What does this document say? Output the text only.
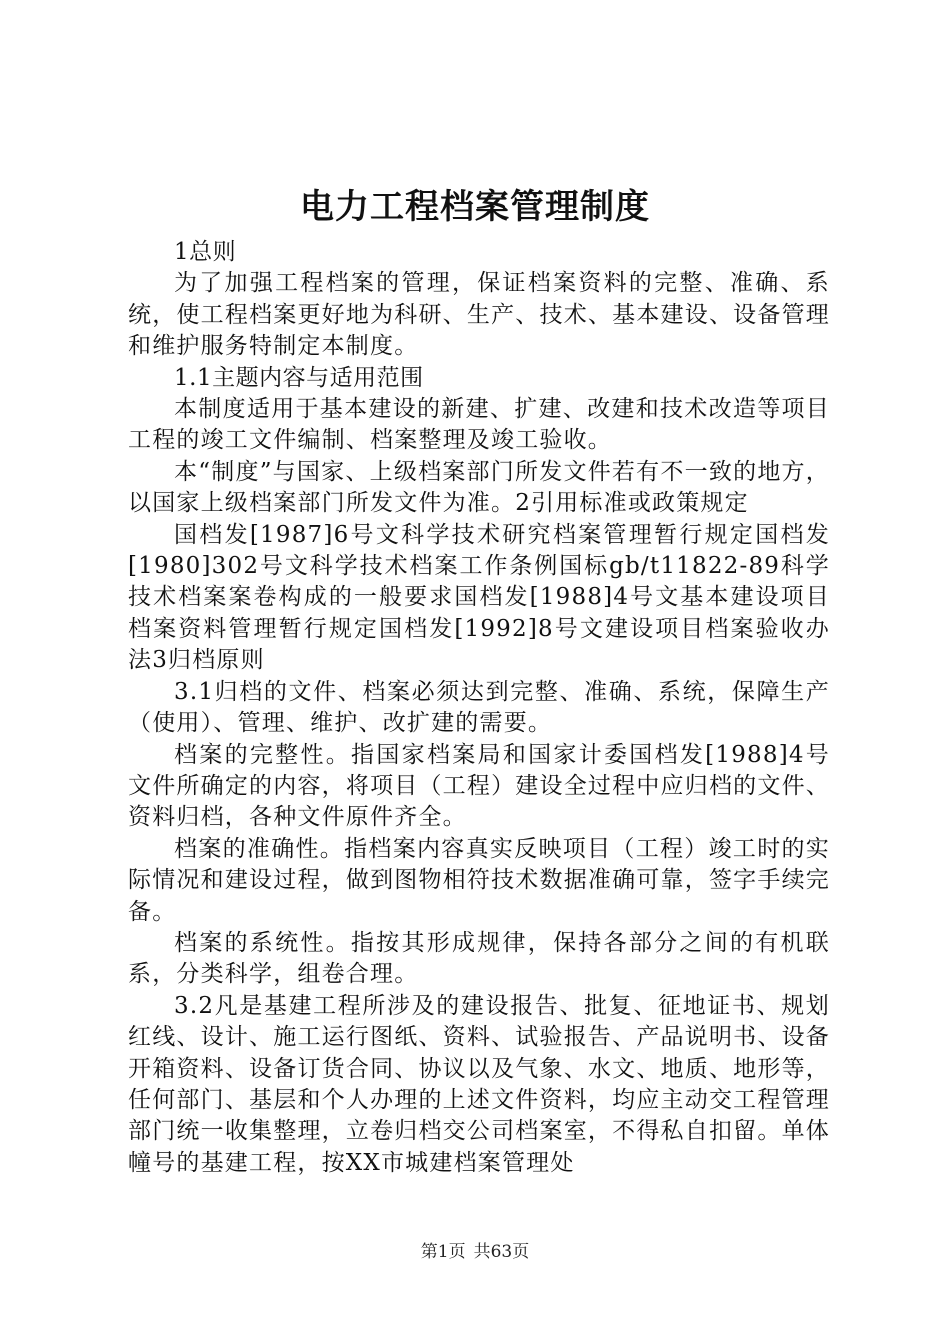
电力工程档案管理制度

1总则

为了加强工程档案的管理，保证档案资料的完整、准确、系统，使工程档案更好地为科研、生产、技术、基本建设、设备管理和维护服务特制定本制度。

1.1主题内容与适用范围

本制度适用于基本建设的新建、扩建、改建和技术改造等项目工程的竣工文件编制、档案整理及竣工验收。

本“制度”与国家、上级档案部门所发文件若有不一致的地方，以国家上级档案部门所发文件为准。2引用标准或政策规定

国档发[1987]6号文科学技术研究档案管理暂行规定国档发[1980]302号文科学技术档案工作条例国标gb/t11822-89科学技术档案案卷构成的一般要求国档发[1988]4号文基本建设项目档案资料管理暂行规定国档发[1992]8号文建设项目档案验收办法3归档原则

3.1归档的文件、档案必须达到完整、准确、系统，保障生产（使用）、管理、维护、改扩建的需要。

档案的完整性。指国家档案局和国家计委国档发[1988]4号文件所确定的内容，将项目（工程）建设全过程中应归档的文件、资料归档，各种文件原件齐全。

档案的准确性。指档案内容真实反映项目（工程）竣工时的实际情况和建设过程，做到图物相符技术数据准确可靠，签字手续完备。

档案的系统性。指按其形成规律，保持各部分之间的有机联系，分类科学，组卷合理。

3.2凡是基建工程所涉及的建设报告、批复、征地证书、规划红线、设计、施工运行图纸、资料、试验报告、产品说明书、设备开箱资料、设备订货合同、协议以及气象、水文、地质、地形等，任何部门、基层和个人办理的上述文件资料，均应主动交工程管理部门统一收集整理，立卷归档交公司档案室，不得私自扣留。单体幢号的基建工程，按XX市城建档案管理处

第1页 共63页
